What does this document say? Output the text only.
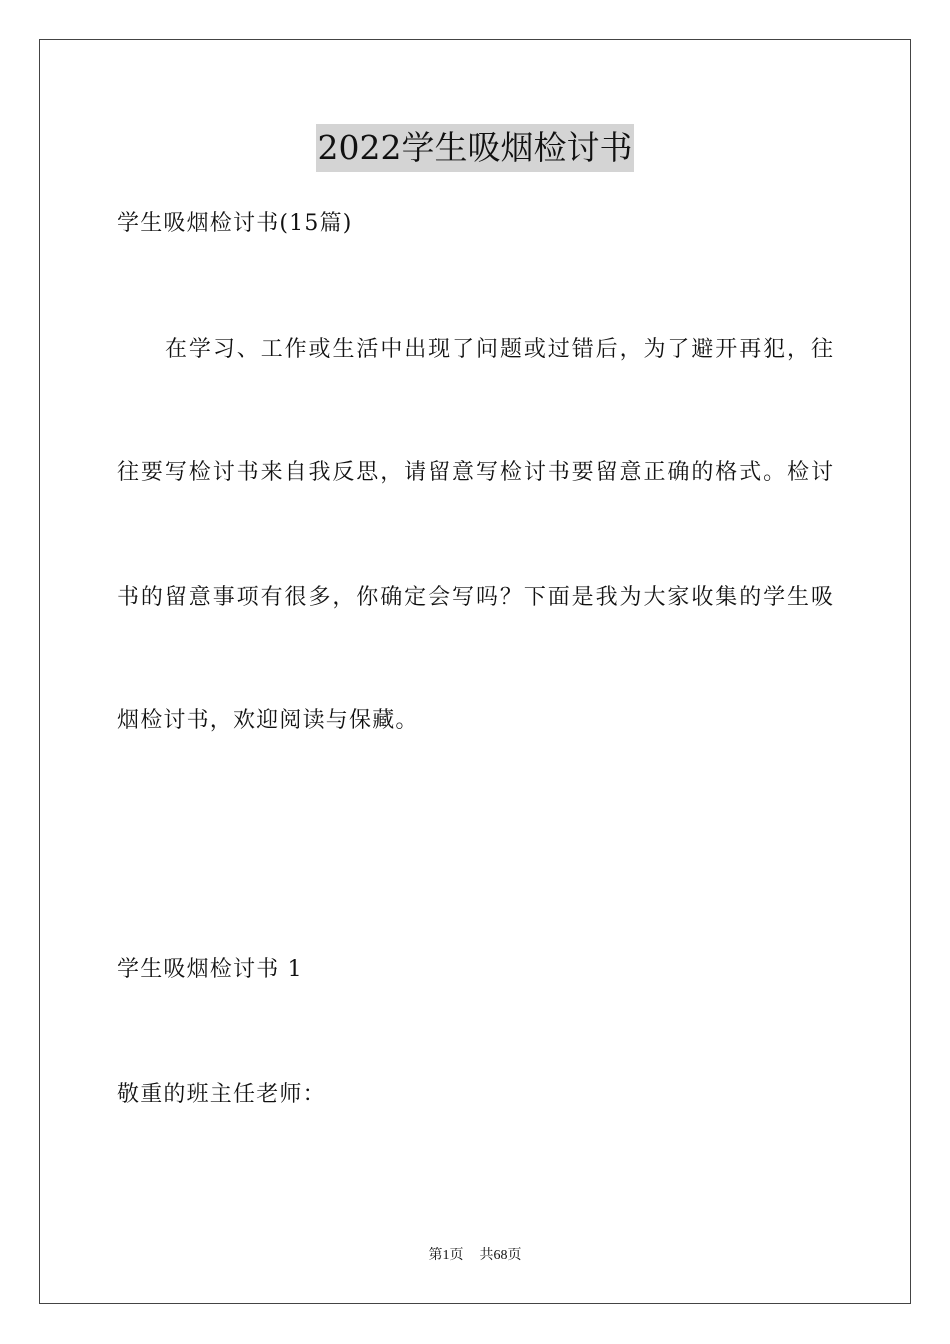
2022学生吸烟检讨书
学生吸烟检讨书(15篇)
在学习、工作或生活中出现了问题或过错后，为了避开再犯，往
往要写检讨书来自我反思，请留意写检讨书要留意正确的格式。检讨
书的留意事项有很多，你确定会写吗？下面是我为大家收集的学生吸
烟检讨书，欢迎阅读与保藏。
学生吸烟检讨书 1
敬重的班主任老师：
第1页 共68页
